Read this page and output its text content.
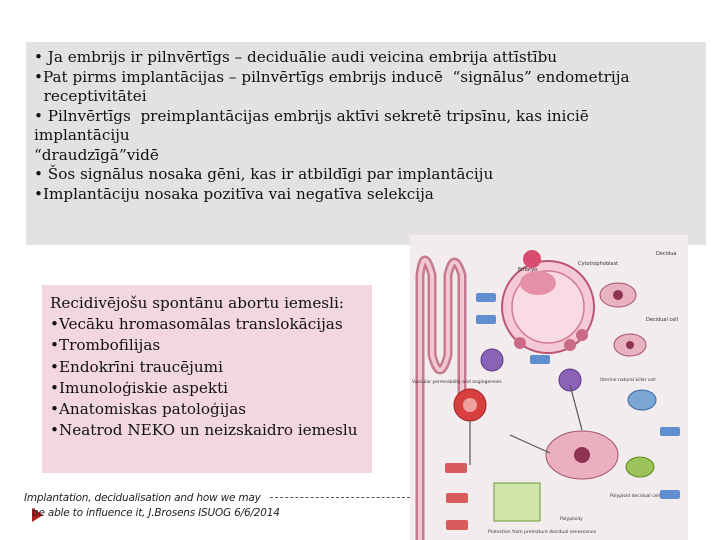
• Ja embrijs ir pilnvērtīgs – deciduālie audi veicina embrija attīstību

•Pat pirms implantācijas – pilnvērtīgs embrijs inducē  “signālus” endometrija

receptivitātei

• Pilnvērtīgs  preimplantācijas embrijs aktīvi sekretē tripsīnu, kas iniciē

implantāciju

“draudzīgā”vidē

• Šos signālus nosaka gēni, kas ir atbildīgi par implantāciju

•Implantāciju nosaka pozitīva vai negatīva selekcija

Embryo
Cytotrophoblast
Decidua
Decidual cell
Uterine natural killer cell
Vascular permeability and angiogenesis
Polyploid decidual cell
Protection from premature decidual senescence
Polyploidy

Recidivējošu spontānu abortu iemesli:

•Vecāku hromasomālas translokācijas

•Trombofilijas

•Endokrīni traucējumi

•Imunoloģiskie aspekti

•Anatomiskas patoloģijas

•Neatrod NEKO un neizskaidro iemeslu

Implantation, decidualisation and how we may
be able to influence it, J.Brosens ISUOG 6/6/2014
